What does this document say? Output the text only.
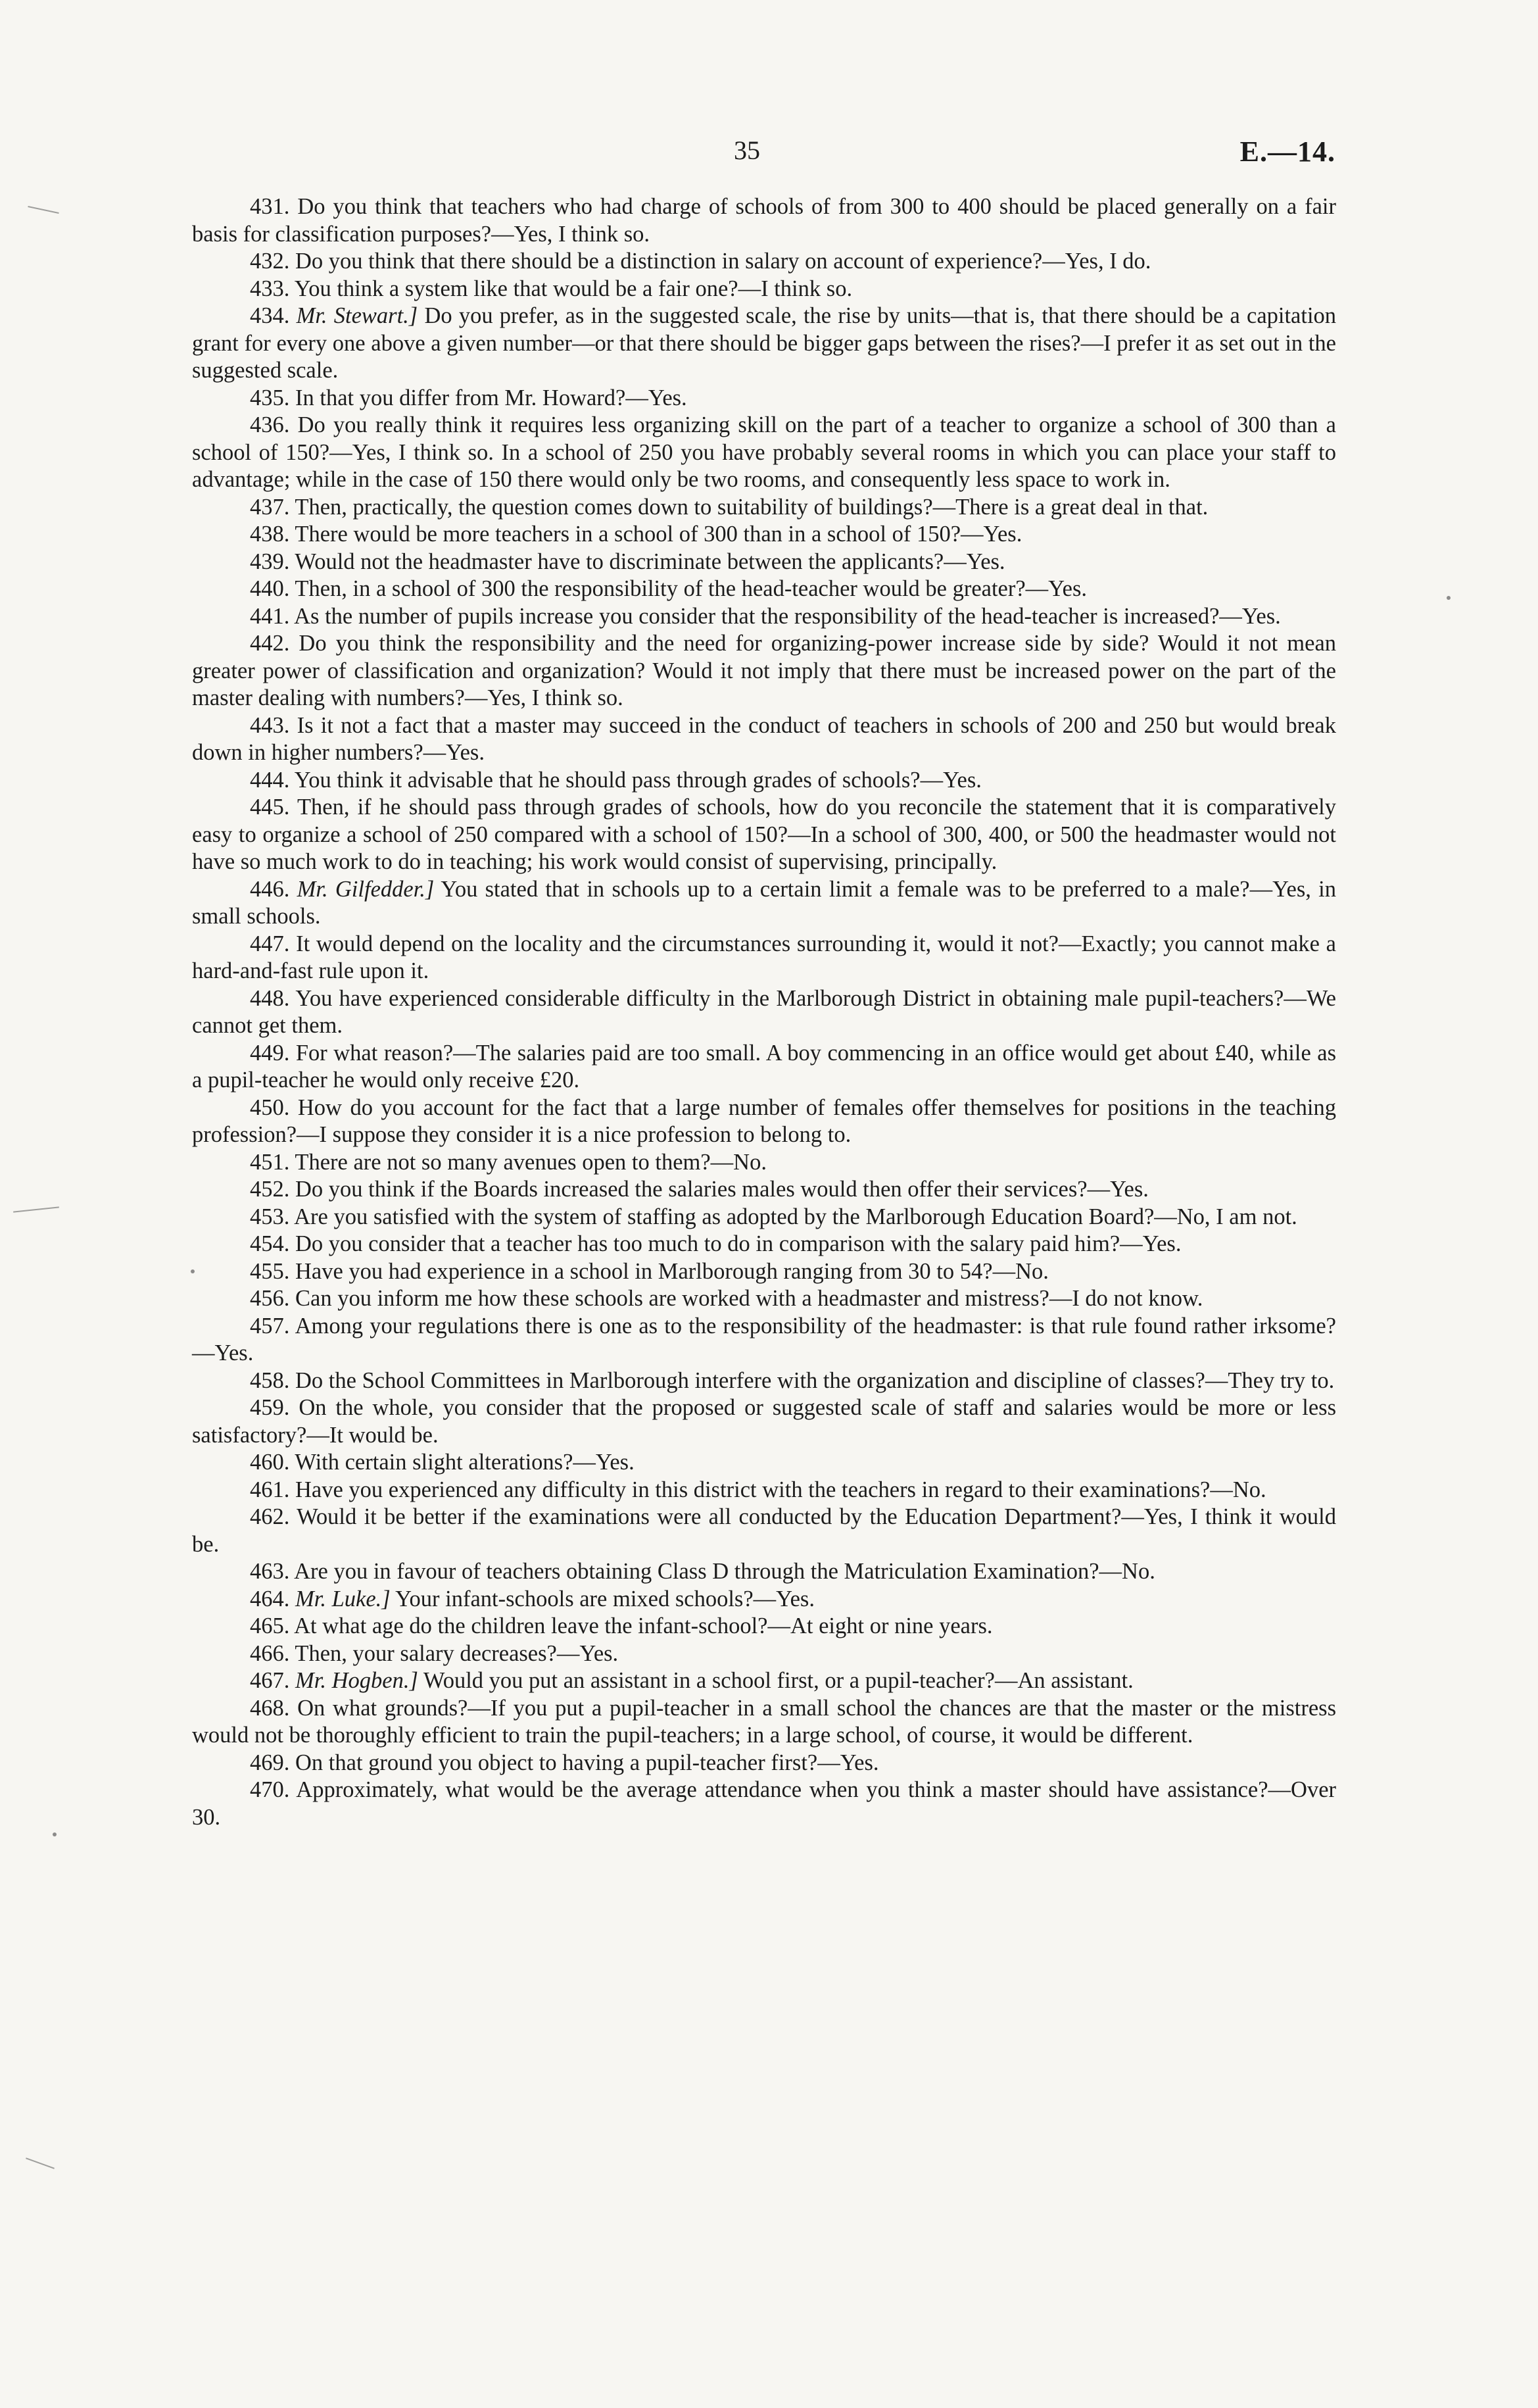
35	E.—14.

431. Do you think that teachers who had charge of schools of from 300 to 400 should be placed generally on a fair basis for classification purposes?—Yes, I think so.

432. Do you think that there should be a distinction in salary on account of experience?—Yes, I do.

433. You think a system like that would be a fair one?—I think so.

434. Mr. Stewart.] Do you prefer, as in the suggested scale, the rise by units—that is, that there should be a capitation grant for every one above a given number—or that there should be bigger gaps between the rises?—I prefer it as set out in the suggested scale.

435. In that you differ from Mr. Howard?—Yes.

436. Do you really think it requires less organizing skill on the part of a teacher to organize a school of 300 than a school of 150?—Yes, I think so. In a school of 250 you have probably several rooms in which you can place your staff to advantage; while in the case of 150 there would only be two rooms, and consequently less space to work in.

437. Then, practically, the question comes down to suitability of buildings?—There is a great deal in that.

438. There would be more teachers in a school of 300 than in a school of 150?—Yes.

439. Would not the headmaster have to discriminate between the applicants?—Yes.

440. Then, in a school of 300 the responsibility of the head-teacher would be greater?—Yes.

441. As the number of pupils increase you consider that the responsibility of the head-teacher is increased?—Yes.

442. Do you think the responsibility and the need for organizing-power increase side by side? Would it not mean greater power of classification and organization? Would it not imply that there must be increased power on the part of the master dealing with numbers?—Yes, I think so.

443. Is it not a fact that a master may succeed in the conduct of teachers in schools of 200 and 250 but would break down in higher numbers?—Yes.

444. You think it advisable that he should pass through grades of schools?—Yes.

445. Then, if he should pass through grades of schools, how do you reconcile the statement that it is comparatively easy to organize a school of 250 compared with a school of 150?—In a school of 300, 400, or 500 the headmaster would not have so much work to do in teaching; his work would consist of supervising, principally.

446. Mr. Gilfedder.] You stated that in schools up to a certain limit a female was to be preferred to a male?—Yes, in small schools.

447. It would depend on the locality and the circumstances surrounding it, would it not?—Exactly; you cannot make a hard-and-fast rule upon it.

448. You have experienced considerable difficulty in the Marlborough District in obtaining male pupil-teachers?—We cannot get them.

449. For what reason?—The salaries paid are too small. A boy commencing in an office would get about £40, while as a pupil-teacher he would only receive £20.

450. How do you account for the fact that a large number of females offer themselves for positions in the teaching profession?—I suppose they consider it is a nice profession to belong to.

451. There are not so many avenues open to them?—No.

452. Do you think if the Boards increased the salaries males would then offer their services?—Yes.

453. Are you satisfied with the system of staffing as adopted by the Marlborough Education Board?—No, I am not.

454. Do you consider that a teacher has too much to do in comparison with the salary paid him?—Yes.

455. Have you had experience in a school in Marlborough ranging from 30 to 54?—No.

456. Can you inform me how these schools are worked with a headmaster and mistress?—I do not know.

457. Among your regulations there is one as to the responsibility of the headmaster: is that rule found rather irksome?—Yes.

458. Do the School Committees in Marlborough interfere with the organization and discipline of classes?—They try to.

459. On the whole, you consider that the proposed or suggested scale of staff and salaries would be more or less satisfactory?—It would be.

460. With certain slight alterations?—Yes.

461. Have you experienced any difficulty in this district with the teachers in regard to their examinations?—No.

462. Would it be better if the examinations were all conducted by the Education Department?—Yes, I think it would be.

463. Are you in favour of teachers obtaining Class D through the Matriculation Examination?—No.

464. Mr. Luke.] Your infant-schools are mixed schools?—Yes.

465. At what age do the children leave the infant-school?—At eight or nine years.

466. Then, your salary decreases?—Yes.

467. Mr. Hogben.] Would you put an assistant in a school first, or a pupil-teacher?—An assistant.

468. On what grounds?—If you put a pupil-teacher in a small school the chances are that the master or the mistress would not be thoroughly efficient to train the pupil-teachers; in a large school, of course, it would be different.

469. On that ground you object to having a pupil-teacher first?—Yes.

470. Approximately, what would be the average attendance when you think a master should have assistance?—Over 30.
